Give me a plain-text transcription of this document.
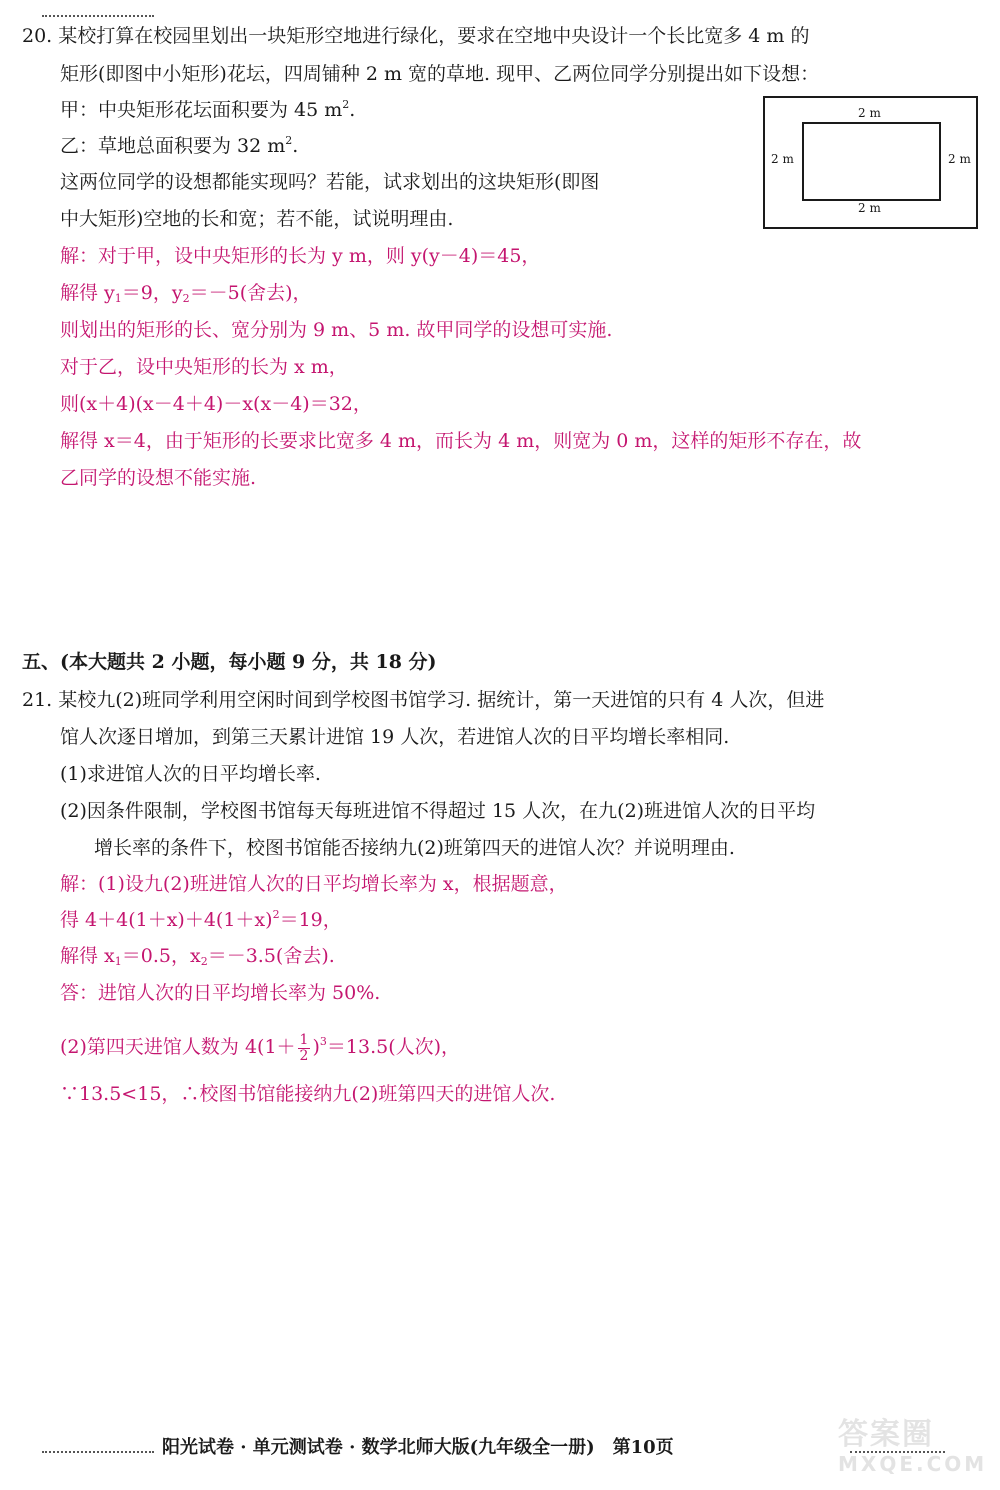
20. 某校打算在校园里划出一块矩形空地进行绿化，要求在空地中央设计一个长比宽多 4 m 的
矩形(即图中小矩形)花坛，四周铺种 2 m 宽的草地. 现甲、乙两位同学分别提出如下设想：
甲：中央矩形花坛面积要为 45 $m^2$.
乙：草地总面积要为 32 $m^2$.
这两位同学的设想都能实现吗？若能，试求划出的这块矩形(即图
中大矩形)空地的长和宽；若不能，试说明理由.
2 m
2 m
2 m	2 m
解：对于甲，设中央矩形的长为 y m，则 y(y－4)＝45，
解得 $y_1=9$，$y_2=-5$(舍去)，
则划出的矩形的长、宽分别为 9 m、5 m. 故甲同学的设想可实施.
对于乙，设中央矩形的长为 x m，
则(x＋4)(x－4＋4)－x(x－4)＝32，
解得 x＝4，由于矩形的长要求比宽多 4 m，而长为 4 m，则宽为 0 m，这样的矩形不存在，故
乙同学的设想不能实施.
五、(本大题共 2 小题，每小题 9 分，共 18 分)
21. 某校九(2)班同学利用空闲时间到学校图书馆学习. 据统计，第一天进馆的只有 4 人次，但进
馆人次逐日增加，到第三天累计进馆 19 人次，若进馆人次的日平均增长率相同.
(1)求进馆人次的日平均增长率.
(2)因条件限制，学校图书馆每天每班进馆不得超过 15 人次，在九(2)班进馆人次的日平均
增长率的条件下，校图书馆能否接纳九(2)班第四天的进馆人次？并说明理由.
解：(1)设九(2)班进馆人次的日平均增长率为 x，根据题意，
得 $4+4(1+x)+4(1+x)^2=19$，
解得 $x_1=0.5$，$x_2=-3.5$(舍去).
答：进馆人次的日平均增长率为 50%.
(2)第四天进馆人数为 $4(1+ \frac{1}{2} )^3=13.5$(人次)，
∵13.5<15，∴校图书馆能接纳九(2)班第四天的进馆人次.
阳光试卷 · 单元测试卷 · 数学北师大版(九年级全一册)　第10页	答案圈
MXQE.COM
